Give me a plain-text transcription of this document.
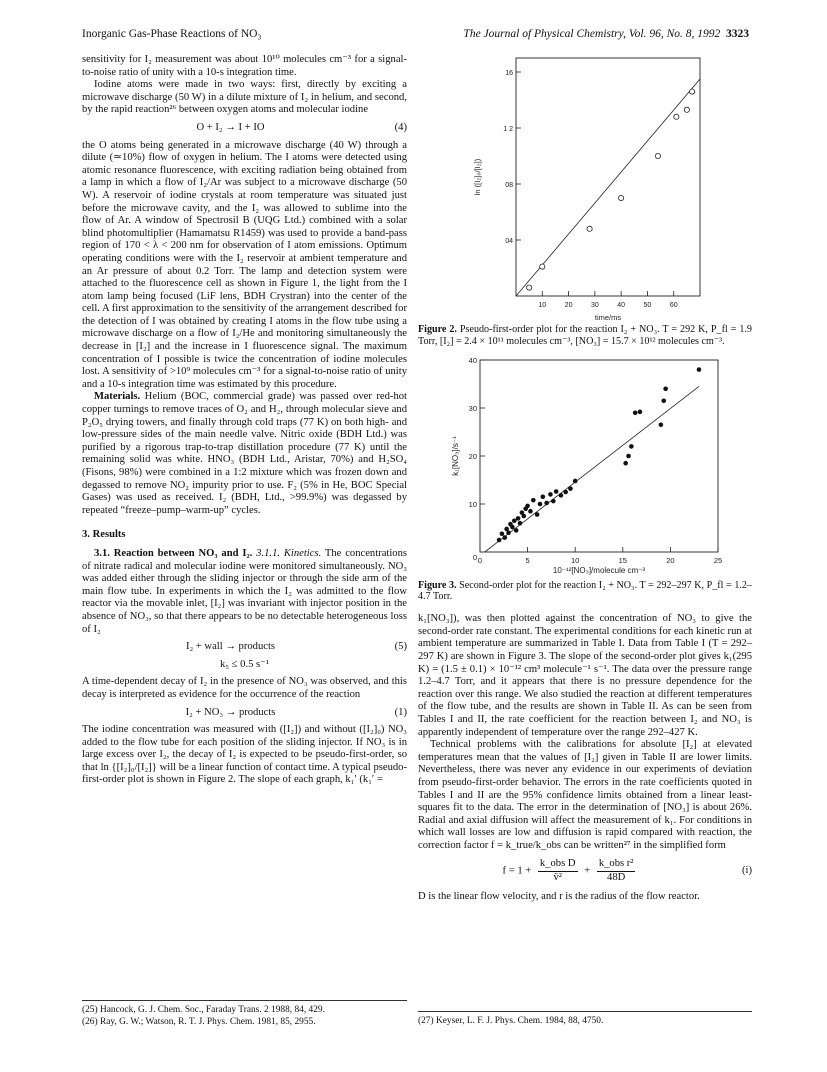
Inorganic Gas-Phase Reactions of NO₃	The Journal of Physical Chemistry, Vol. 96, No. 8, 1992 3323

sensitivity for I₂ measurement was about 10¹⁰ molecules cm⁻³ for a signal-to-noise ratio of unity with a 10-s integration time.

Iodine atoms were made in two ways: first, directly by exciting a microwave discharge (50 W) in a dilute mixture of I₂ in helium, and second, by the rapid reaction²⁶ between oxygen atoms and molecular iodine

O + I₂ → I + IO	(4)

the O atoms being generated in a microwave discharge (40 W) through a dilute (≃10%) flow of oxygen in helium. The I atoms were detected using atomic resonance fluorescence, with exciting radiation being obtained from a lamp in which a flow of I₂/Ar was subject to a microwave discharge (50 W). A reservoir of iodine crystals at room temperature was situated just before the microwave cavity, and the I₂ was allowed to sublime into the flow of Ar. A window of Spectrosil B (UQG Ltd.) combined with a solar blind photomultiplier (Hamamatsu R1459) was used to provide a band-pass region of 170 < λ < 200 nm for observation of I atom emissions. Optimum operating conditions were with the I₂ reservoir at ambient temperature and an Ar pressure of about 0.2 Torr. The lamp and detection system were attached to the fluorescence cell as shown in Figure 1, the light from the I atom lamp being focused (LiF lens, BDH Crystran) into the center of the cell. A first approximation to the sensitivity of the arrangement described for the detection of I was obtained by creating I atoms in the flow tube using a microwave discharge on a flow of I₂/He and monitoring simultaneously the decrease in [I₂] and the increase in I fluorescence signal. The maximum concentration of I possible is twice the concentration of iodine molecules lost. A sensitivity of >10⁹ molecules cm⁻³ for a signal-to-noise ratio of unity and a 10-s integration time was estimated by this procedure.

Materials. Helium (BOC, commercial grade) was passed over red-hot copper turnings to remove traces of O₂ and H₂, through molecular sieve and P₂O₅ drying towers, and finally through cold traps (77 K) on both high- and low-pressure sides of the main needle valve. Nitric oxide (BDH Ltd.) was purified by a rigorous trap-to-trap distillation procedure (77 K) until the remaining solid was white. HNO₃ (BDH Ltd., Aristar, 70%) and H₂SO₄ (Fisons, 98%) were combined in a 1:2 mixture which was frozen down and degassed to remove NO₂ impurity prior to use. F₂ (5% in He, BOC Special Gases) was used as received. I₂ (BDH, Ltd., >99.9%) was degassed by repeated “freeze–pump–warm-up” cycles.

3. Results

3.1. Reaction between NO₃ and I₂. 3.1.1. Kinetics. The concentrations of nitrate radical and molecular iodine were monitored simultaneously. NO₃ was added either through the sliding injector or through the side arm of the main flow tube. In experiments in which the I₂ was admitted to the flow reactor via the movable inlet, [I₂] was invariant with injector position in the absence of NO₃, so that there appears to be no detectable heterogeneous loss of I₂

I₂ + wall → products	(5)
k₅ ≤ 0.5 s⁻¹

A time-dependent decay of I₂ in the presence of NO₃ was observed, and this decay is interpreted as evidence for the occurrence of the reaction

I₂ + NO₃ → products	(1)

The iodine concentration was measured with ([I₂]) and without ([I₂]₀) NO₃ added to the flow tube for each position of the sliding injector. If NO₃ is in large excess over I₂, the decay of I₂ is expected to be pseudo-first-order, so that ln {[I₂]₀/[I₂]} will be a linear function of contact time. A typical pseudo-first-order plot is shown in Figure 2. The slope of each graph, k₁′ (k₁′ =

(25) Hancock, G. J. Chem. Soc., Faraday Trans. 2 1988, 84, 429.
(26) Ray, G. W.; Watson, R. T. J. Phys. Chem. 1981, 85, 2955.
10	20	30	40	50	60
04
08
1 2
16
time/ms
ln ([I₂]₀/[I₂])

Figure 2. Pseudo-first-order plot for the reaction I₂ + NO₃. T = 292 K, P_fl = 1.9 Torr, [I₂] = 2.4 × 10¹¹ molecules cm⁻³, [NO₃] = 15.7 × 10¹² molecules cm⁻³.

0	5	10	15	20	25
10
20
30
40
0
10⁻¹²[NO₃]/molecule cm⁻³
k₁[NO₃]/s⁻¹

Figure 3. Second-order plot for the reaction I₂ + NO₃. T = 292–297 K, P_fl = 1.2–4.7 Torr.

k₁[NO₃]), was then plotted against the concentration of NO₃ to give the second-order rate constant. The experimental conditions for each kinetic run at ambient temperature are summarized in Table I. Data from Table I (T = 292–297 K) are shown in Figure 3. The slope of the second-order plot gives k₁(295 K) = (1.5 ± 0.1) × 10⁻¹² cm³ molecule⁻¹ s⁻¹. The data over the pressure range 1.2–4.7 Torr, and it appears that there is no pressure dependence for the reaction over this range. We also studied the reaction at different temperatures of the flow tube, and the results are shown in Table II. As can be seen from Tables I and II, the rate coefficient for the reaction between I₂ and NO₃ is apparently independent of temperature over the range 292–427 K.

Technical problems with the calibrations for absolute [I₂] at elevated temperatures mean that the values of [I₂] given in Table II are lower limits. Nevertheless, there was never any evidence in our experiments of deviation from pseudo-first-order behavior. The errors in the rate coefficients quoted in Tables I and II are the 95% confidence limits obtained from a linear least-squares fit to the data. The error in the determination of [NO₃] is about 26%. Radial and axial diffusion will affect the measurement of k₁. For conditions in which wall losses are low and diffusion is rapid compared with reaction, the correction factor f = k_true/k_obs can be written²⁷ in the simplified form

f = 1 +
k_obs D
v̄²
+
k_obs r²
48D
(i)

D is the linear flow velocity, and r is the radius of the flow reactor.

(27) Keyser, L. F. J. Phys. Chem. 1984, 88, 4750.
